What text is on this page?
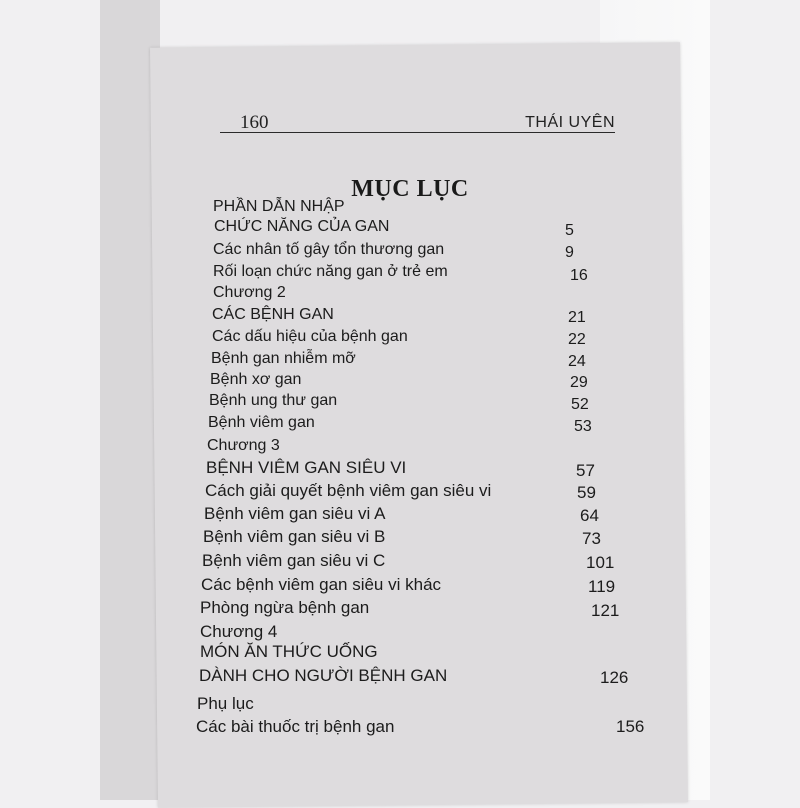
160	THÁI UYÊN
MỤC LỤC
PHẦN DẪN NHẬP
CHỨC NĂNG CỦA GAN	5
Các nhân tố gây tổn thương gan	9
Rối loạn chức năng gan ở trẻ em	16
Chương 2
CÁC BỆNH GAN	21
Các dấu hiệu của bệnh gan	22
Bệnh gan nhiễm mỡ	24
Bệnh xơ gan	29
Bệnh ung thư gan	52
Bệnh viêm gan	53
Chương 3
BỆNH VIÊM GAN SIÊU VI	57
Cách giải quyết bệnh viêm gan siêu vi	59
Bệnh viêm gan siêu vi A	64
Bệnh viêm gan siêu vi B	73
Bệnh viêm gan siêu vi C	101
Các bệnh viêm gan siêu vi khác	119
Phòng ngừa bệnh gan	121
Chương 4
MÓN ĂN THỨC UỐNG
DÀNH CHO NGƯỜI BỆNH GAN	126
Phụ lục
Các bài thuốc trị bệnh gan	156
